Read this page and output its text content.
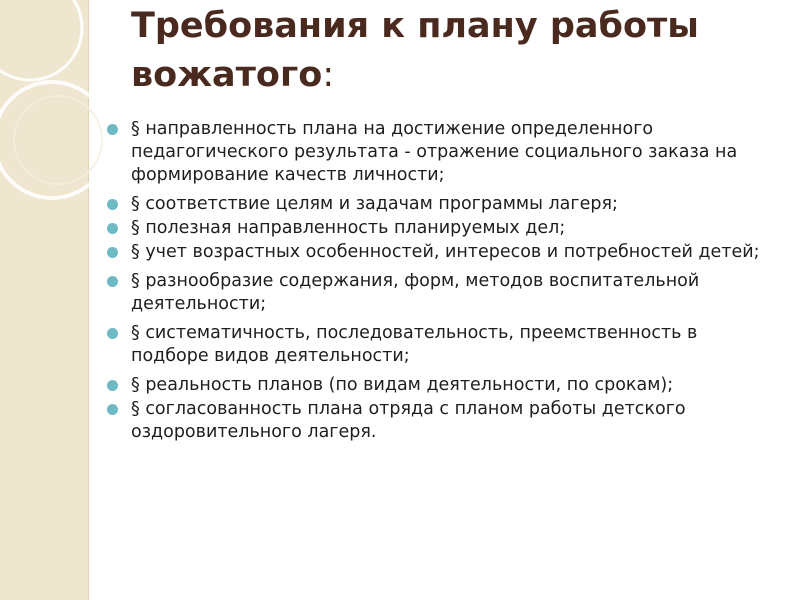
Требования к плану работы вожатого:
§ направленность плана на достижение определенного педагогического результата - отражение социального заказа на формирование качеств личности;
§ соответствие целям и задачам программы лагеря;
§ полезная направленность планируемых дел;
§ учет возрастных особенностей, интересов и потребностей детей;
§ разнообразие содержания, форм, методов воспитательной деятельности;
§ систематичность, последовательность, преемственность в подборе видов деятельности;
§ реальность планов (по видам деятельности, по срокам);
§ согласованность плана отряда с планом работы детского оздоровительного лагеря.
